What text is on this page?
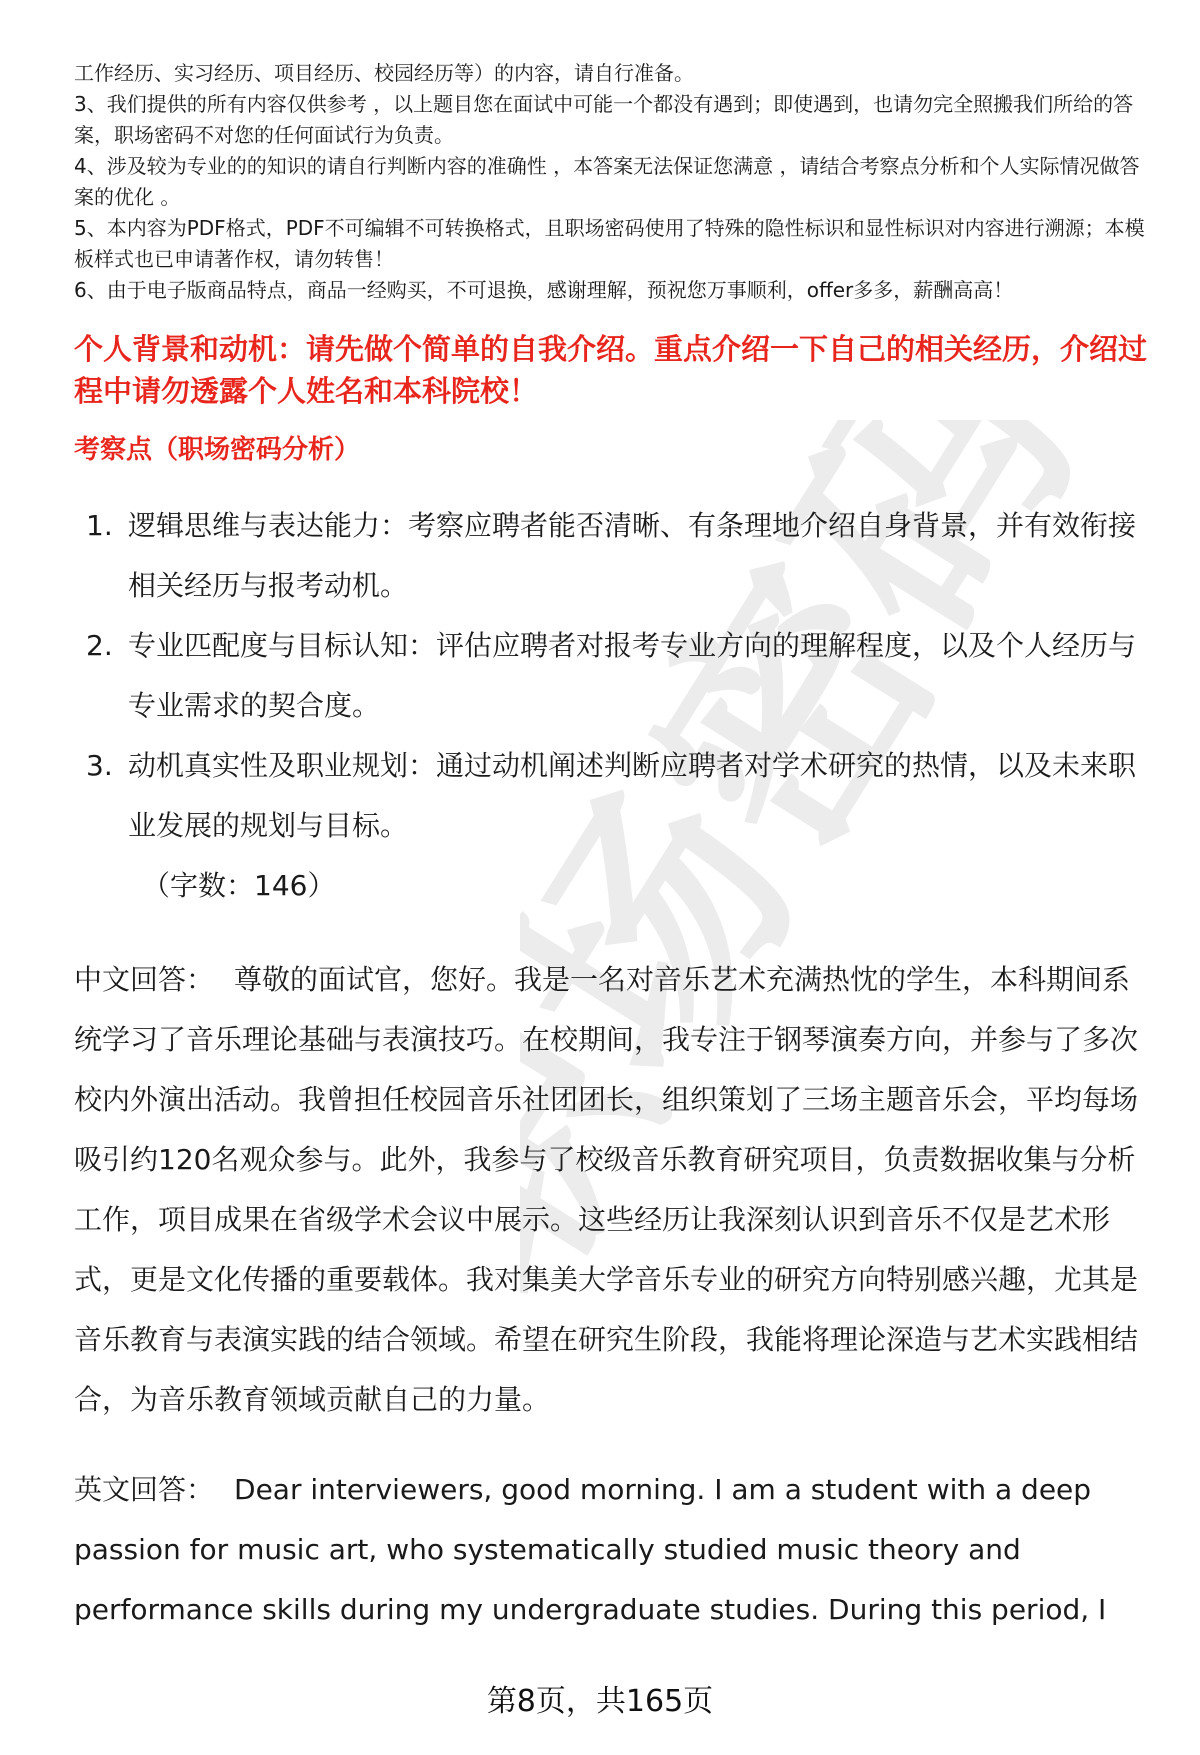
职场密码

工作经历、实习经历、项目经历、校园经历等）的内容，请自行准备。

3、我们提供的所有内容仅供参考 ，以上题目您在面试中可能一个都没有遇到；即使遇到，也请勿完全照搬我们所给的答案，职场密码不对您的任何面试行为负责。

4、涉及较为专业的的知识的请自行判断内容的准确性 ，本答案无法保证您满意 ，请结合考察点分析和个人实际情况做答案的优化 。

5、本内容为PDF格式，PDF不可编辑不可转换格式，且职场密码使用了特殊的隐性标识和显性标识对内容进行溯源；本模板样式也已申请著作权，请勿转售！

6、由于电子版商品特点，商品一经购买，不可退换，感谢理解，预祝您万事顺利，offer多多，薪酬高高！

个人背景和动机：请先做个简单的自我介绍。重点介绍一下自己的相关经历，介绍过程中请勿透露个人姓名和本科院校！
考察点（职场密码分析）
1. 逻辑思维与表达能力：考察应聘者能否清晰、有条理地介绍自身背景，并有效衔接相关经历与报考动机。
2. 专业匹配度与目标认知：评估应聘者对报考专业方向的理解程度，以及个人经历与专业需求的契合度。
3. 动机真实性及职业规划：通过动机阐述判断应聘者对学术研究的热情，以及未来职业发展的规划与目标。
（字数：146）
中文回答： 尊敬的面试官，您好。我是一名对音乐艺术充满热忱的学生，本科期间系统学习了音乐理论基础与表演技巧。在校期间，我专注于钢琴演奏方向，并参与了多次校内外演出活动。我曾担任校园音乐社团团长，组织策划了三场主题音乐会，平均每场吸引约120名观众参与。此外，我参与了校级音乐教育研究项目，负责数据收集与分析工作，项目成果在省级学术会议中展示。这些经历让我深刻认识到音乐不仅是艺术形式，更是文化传播的重要载体。我对集美大学音乐专业的研究方向特别感兴趣，尤其是音乐教育与表演实践的结合领域。希望在研究生阶段，我能将理论深造与艺术实践相结合，为音乐教育领域贡献自己的力量。
英文回答： Dear interviewers, good morning. I am a student with a deep passion for music art, who systematically studied music theory and performance skills during my undergraduate studies. During this period, I
第8页，共165页
